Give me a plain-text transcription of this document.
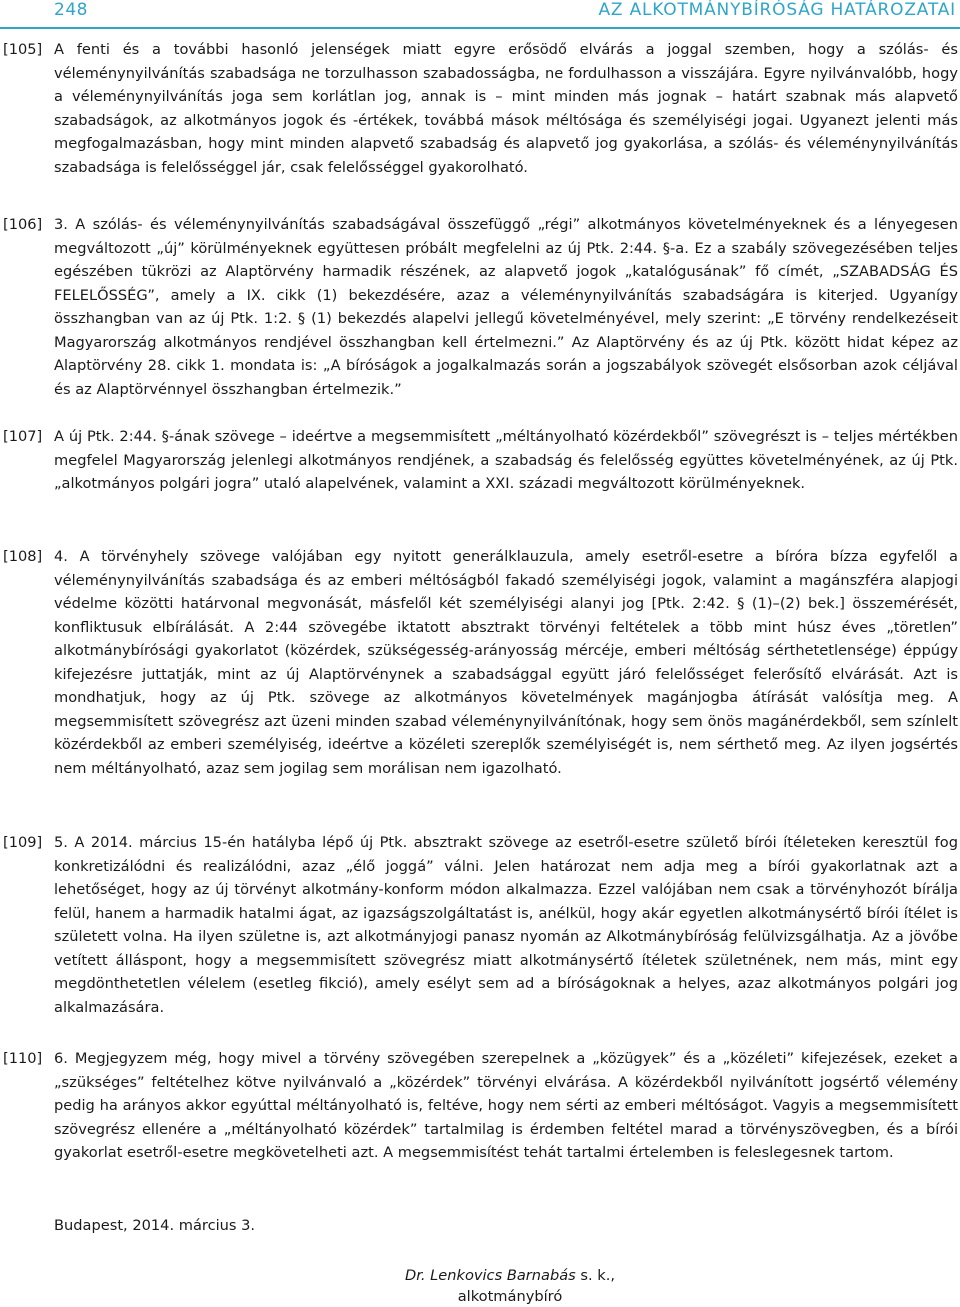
248	AZ ALKOTMÁNYBÍRÓSÁG HATÁROZATAI
[105] A fenti és a további hasonló jelenségek miatt egyre erősödő elvárás a joggal szemben, hogy a szólás- és véleménynyilvánítás szabadsága ne torzulhasson szabadosságba, ne fordulhasson a visszájára. Egyre nyilvánvalóbb, hogy a véleménynyilvánítás joga sem korlátlan jog, annak is – mint minden más jognak – határt szabnak más alapvető szabadságok, az alkotmányos jogok és -értékek, továbbá mások méltósága és személyiségi jogai. Ugyanezt jelenti más megfogalmazásban, hogy mint minden alapvető szabadság és alapvető jog gyakorlása, a szólás- és véleménynyilvánítás szabadsága is felelősséggel jár, csak felelősséggel gyakorolható.
[106] 3. A szólás- és véleménynyilvánítás szabadságával összefüggő „régi” alkotmányos követelményeknek és a lényegesen megváltozott „új” körülményeknek együttesen próbált megfelelni az új Ptk. 2:44. §-a. Ez a szabály szövegezésében teljes egészében tükrözi az Alaptörvény harmadik részének, az alapvető jogok „katalógusának” fő címét, „SZABADSÁG ÉS FELELŐSSÉG”, amely a IX. cikk (1) bekezdésére, azaz a véleménynyilvánítás szabadságára is kiterjed. Ugyanígy összhangban van az új Ptk. 1:2. § (1) bekezdés alapelvi jellegű követelményével, mely szerint: „E törvény rendelkezéseit Magyarország alkotmányos rendjével összhangban kell értelmezni.” Az Alaptörvény és az új Ptk. között hidat képez az Alaptörvény 28. cikk 1. mondata is: „A bíróságok a jogalkalmazás során a jogszabályok szövegét elsősorban azok céljával és az Alaptörvénnyel összhangban értelmezik.”
[107] A új Ptk. 2:44. §-ának szövege – ideértve a megsemmisített „méltányolható közérdekből” szövegrészt is – teljes mértékben megfelel Magyarország jelenlegi alkotmányos rendjének, a szabadság és felelősség együttes követelményének, az új Ptk. „alkotmányos polgári jogra” utaló alapelvének, valamint a XXI. századi megváltozott körülményeknek.
[108] 4. A törvényhely szövege valójában egy nyitott generálklauzula, amely esetről-esetre a bíróra bízza egyfelől a véleménynyilvánítás szabadsága és az emberi méltóságból fakadó személyiségi jogok, valamint a magánszféra alapjogi védelme közötti határvonal megvonását, másfelől két személyiségi alanyi jog [Ptk. 2:42. § (1)–(2) bek.] összemérését, konfliktusuk elbírálását. A 2:44 szövegébe iktatott absztrakt törvényi feltételek a több mint húsz éves „töretlen” alkotmánybírósági gyakorlatot (közérdek, szükségesség-arányosság mércéje, emberi méltóság sérthetetlensége) éppúgy kifejezésre juttatják, mint az új Alaptörvénynek a szabadsággal együtt járó felelősséget felerősítő elvárását. Azt is mondhatjuk, hogy az új Ptk. szövege az alkotmányos követelmények magánjogba átírását valósítja meg. A megsemmisített szövegrész azt üzeni minden szabad véleménynyilvánítónak, hogy sem önös magánérdekből, sem színlelt közérdekből az emberi személyiség, ideértve a közéleti szereplők személyiségét is, nem sérthető meg. Az ilyen jogsértés nem méltányolható, azaz sem jogilag sem morálisan nem igazolható.
[109] 5. A 2014. március 15-én hatályba lépő új Ptk. absztrakt szövege az esetről-esetre születő bírói ítéleteken keresztül fog konkretizálódni és realizálódni, azaz „élő joggá” válni. Jelen határozat nem adja meg a bírói gyakorlatnak azt a lehetőséget, hogy az új törvényt alkotmány-konform módon alkalmazza. Ezzel valójában nem csak a törvényhozót bírálja felül, hanem a harmadik hatalmi ágat, az igazságszolgáltatást is, anélkül, hogy akár egyetlen alkotmánysértő bírói ítélet is született volna. Ha ilyen születne is, azt alkotmányjogi panasz nyomán az Alkotmánybíróság felülvizsgálhatja. Az a jövőbe vetített álláspont, hogy a megsemmisített szövegrész miatt alkotmánysértő ítéletek születnének, nem más, mint egy megdönthetetlen vélelem (esetleg fikció), amely esélyt sem ad a bíróságoknak a helyes, azaz alkotmányos polgári jog alkalmazására.
[110] 6. Megjegyzem még, hogy mivel a törvény szövegében szerepelnek a „közügyek” és a „közéleti” kifejezések, ezeket a „szükséges” feltételhez kötve nyilvánvaló a „közérdek” törvényi elvárása. A közérdekből nyilvánított jogsértő vélemény pedig ha arányos akkor egyúttal méltányolható is, feltéve, hogy nem sérti az emberi méltóságot. Vagyis a megsemmisített szövegrész ellenére a „méltányolható közérdek” tartalmilag is érdemben feltétel marad a törvényszövegben, és a bírói gyakorlat esetről-esetre megkövetelheti azt. A megsemmisítést tehát tartalmi értelemben is feleslegesnek tartom.
Budapest, 2014. március 3.
Dr. Lenkovics Barnabás s. k.,
alkotmánybíró
